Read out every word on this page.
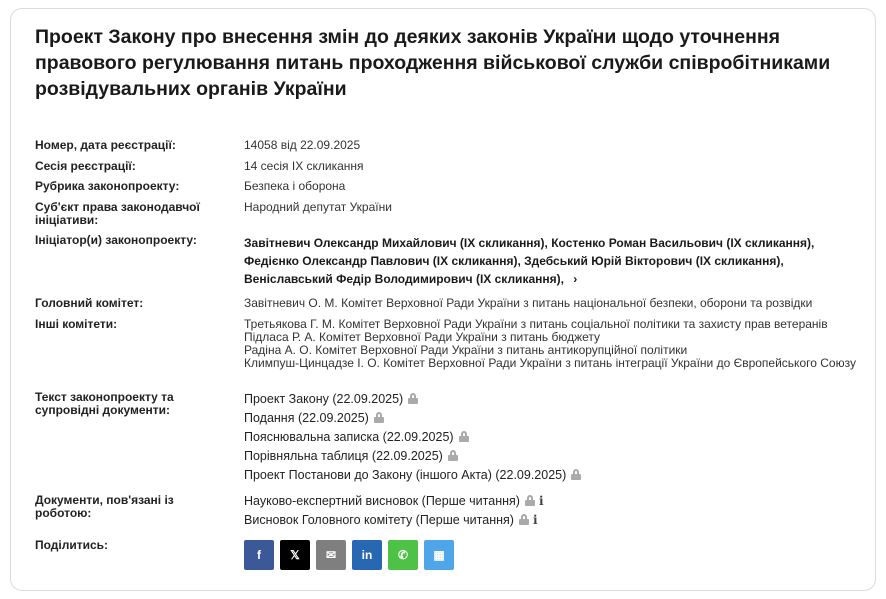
Проект Закону про внесення змін до деяких законів України щодо уточнення правового регулювання питань проходження військової служби співробітниками розвідувальних органів України
Номер, дата реєстрації:	14058 від 22.09.2025
Сесія реєстрації:	14 сесія IX скликання
Рубрика законопроекту:	Безпека і оборона
Суб'єкт права законодавчої ініціативи:
Народний депутат України
Ініціатор(и) законопроекту:	Завітневич Олександр Михайлович (IX скликання), Костенко Роман Васильович (IX скликання),
Федієнко Олександр Павлович (IX скликання), Здебський Юрій Вікторович (IX скликання),
Веніславський Федір Володимирович (IX скликання), ›
Головний комітет:	Завітневич О. М. Комітет Верховної Ради України з питань національної безпеки, оборони та розвідки
Інші комітети:	Третьякова Г. М. Комітет Верховної Ради України з питань соціальної політики та захисту прав ветеранів
Підласа Р. А. Комітет Верховної Ради України з питань бюджету
Радіна А. О. Комітет Верховної Ради України з питань антикорупційної політики
Климпуш-Цинцадзе І. О. Комітет Верховної Ради України з питань інтеграції України до Європейського Союзу
Текст законопроекту та супровідні документи:
Проект Закону (22.09.2025)
Подання (22.09.2025)
Пояснювальна записка (22.09.2025)
Порівняльна таблиця (22.09.2025)
Проект Постанови до Закону (іншого Акта) (22.09.2025)
Документи, пов'язані із роботою:
Науково-експертний висновок (Перше читання) i
Висновок Головного комітету (Перше читання) i
Поділитись:
f 𝕏 ✉ in ✆ ▦
